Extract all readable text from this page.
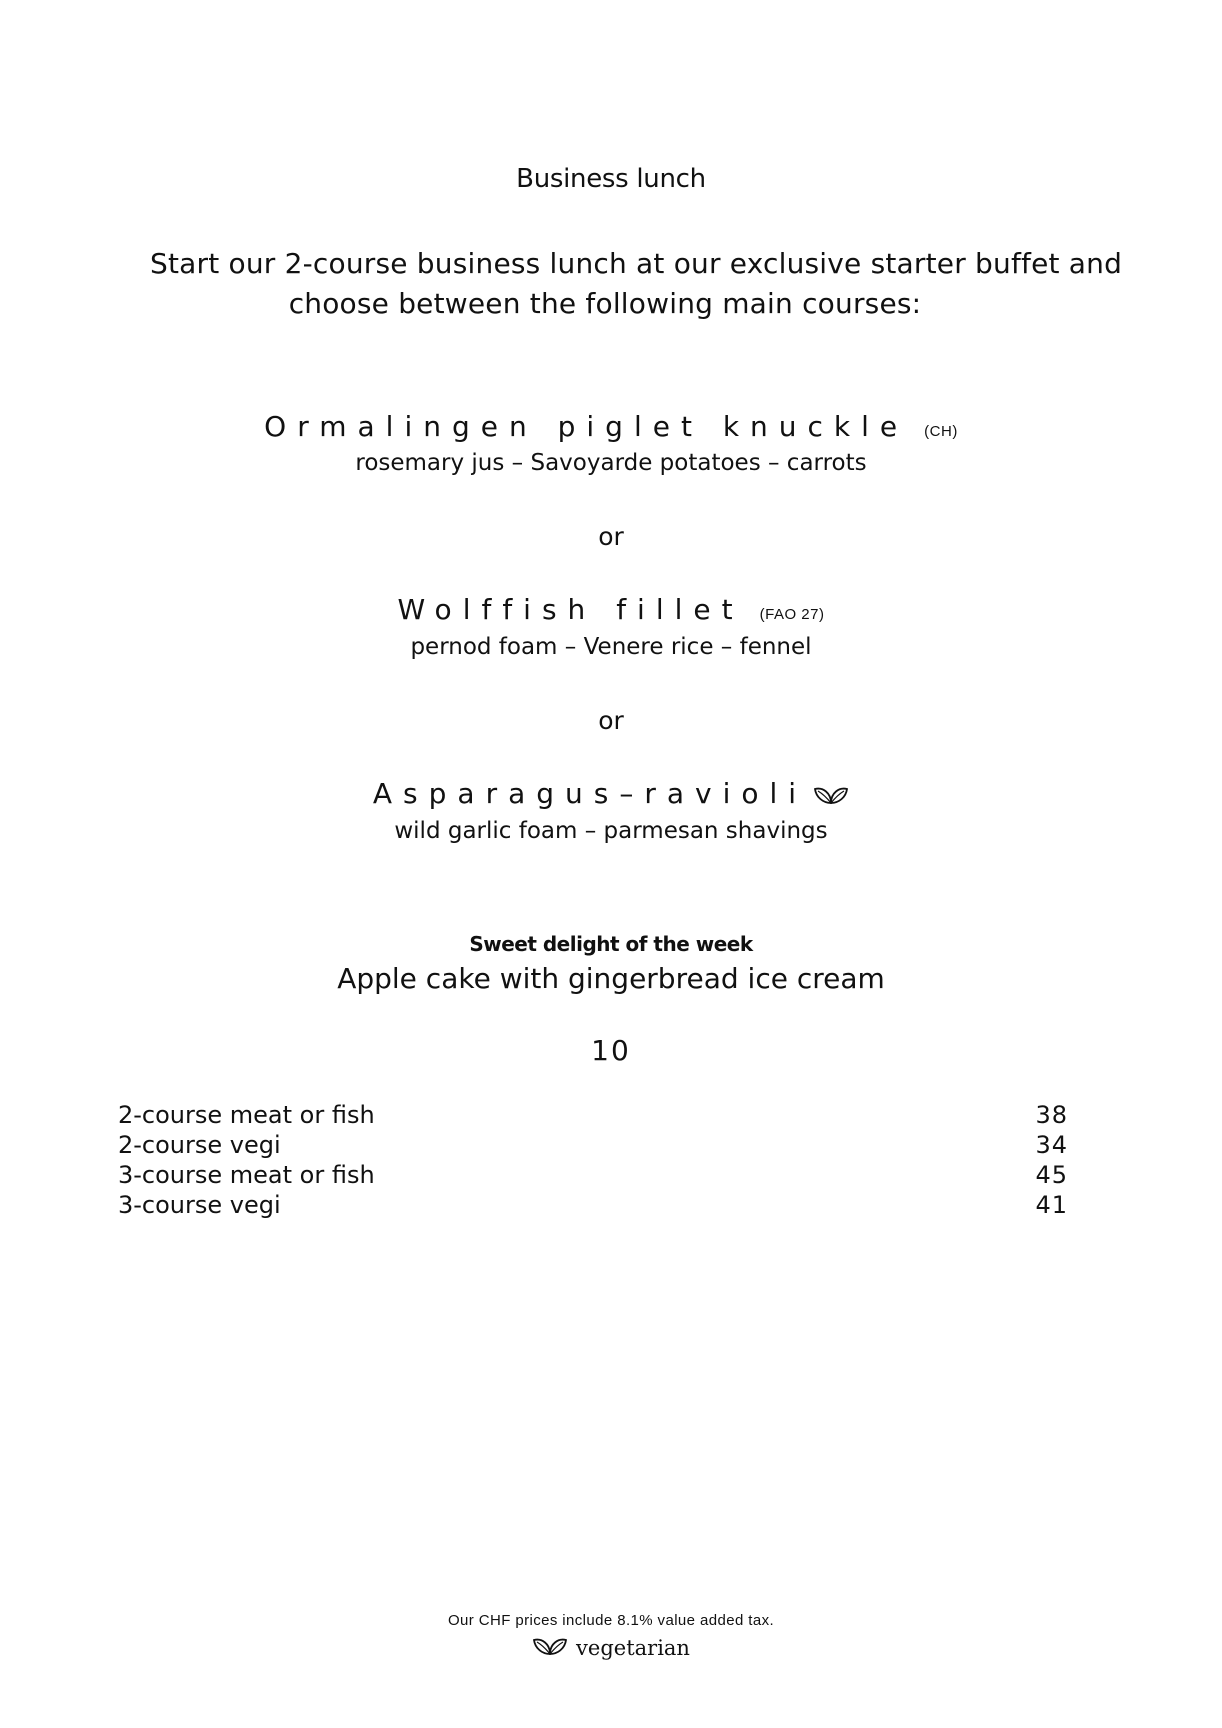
Business lunch
Start our 2-course business lunch at our exclusive starter buffet and
choose between the following main courses:
Ormalingen piglet knuckle (CH)
rosemary jus – Savoyarde potatoes – carrots
or
Wolffish fillet (FAO 27)
pernod foam – Venere rice – fennel
or
Asparagus–ravioli
wild garlic foam – parmesan shavings
Sweet delight of the week
Apple cake with gingerbread ice cream
10
2-course meat or fish	38
2-course vegi	34
3-course meat or fish	45
3-course vegi	41
Our CHF prices include 8.1% value added tax.
vegetarian
